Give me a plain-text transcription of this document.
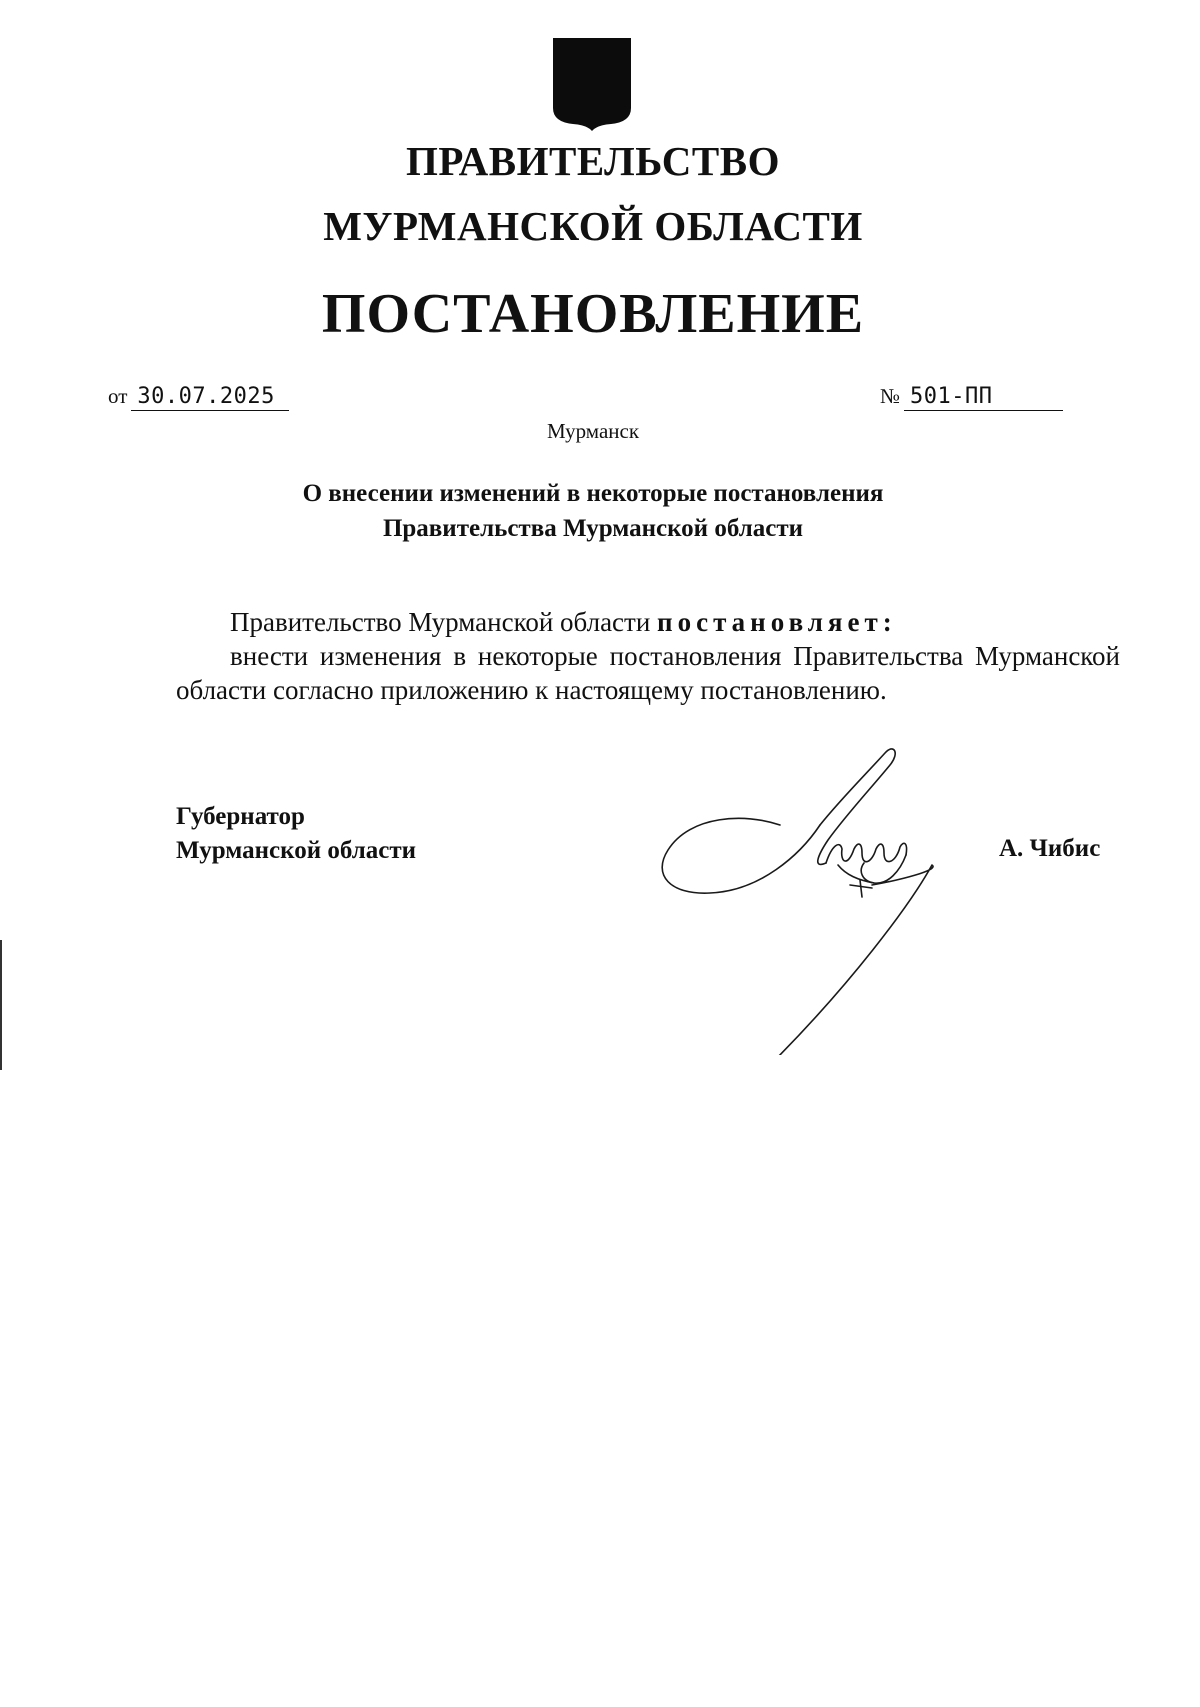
ПРАВИТЕЛЬСТВО
МУРМАНСКОЙ ОБЛАСТИ
ПОСТАНОВЛЕНИЕ
от 30.07.2025	№ 501-ПП
Мурманск
О внесении изменений в некоторые постановления
Правительства Мурманской области
Правительство Мурманской области постановляет:
внести изменения в некоторые постановления Правительства Мурманской области согласно приложению к настоящему постановлению.
Губернатор
Мурманской области	А. Чибис
